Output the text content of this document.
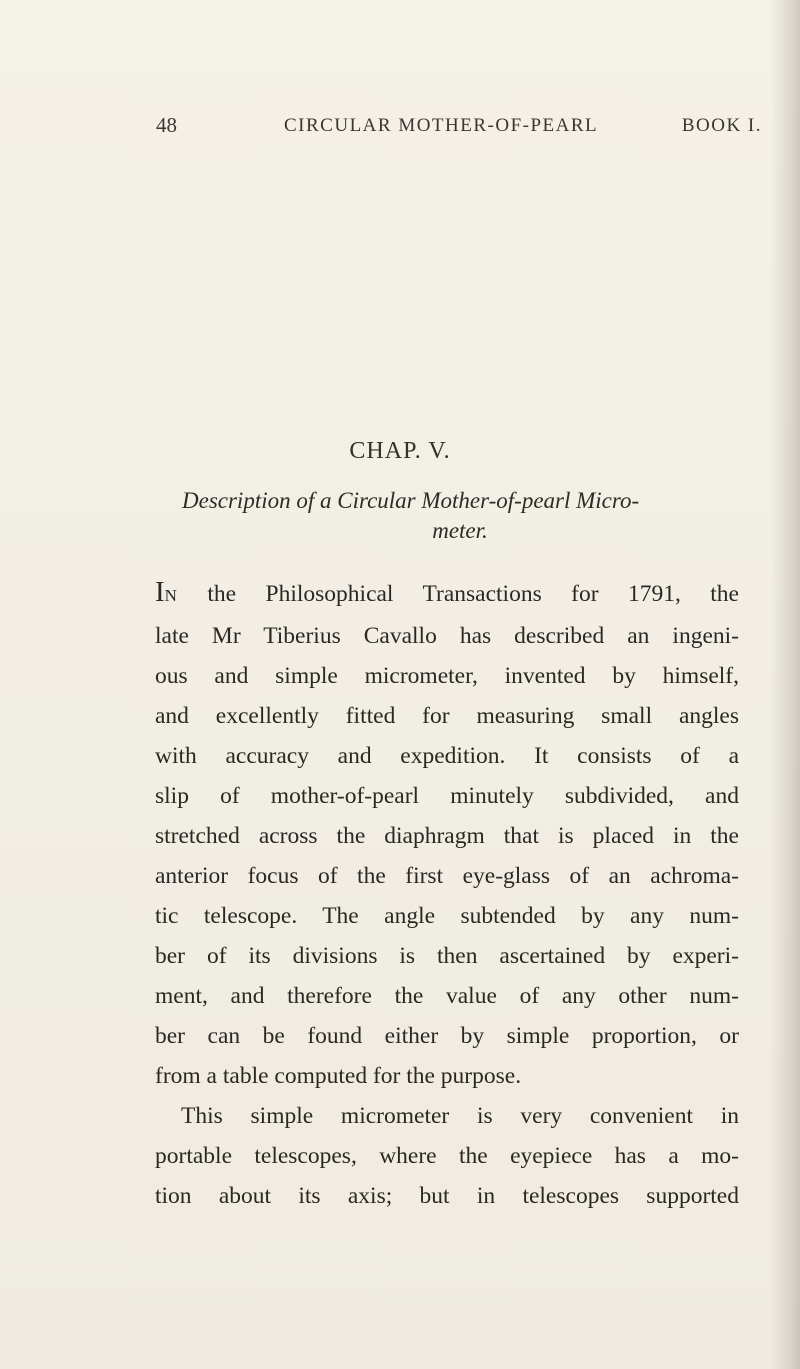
48	CIRCULAR MOTHER-OF-PEARL	BOOK I.
CHAP. V.
Description of a Circular Mother-of-pearl Micro-
meter.
IN the Philosophical Transactions for 1791, the
late Mr Tiberius Cavallo has described an ingeni-
ous and simple micrometer, invented by himself,
and excellently fitted for measuring small angles
with accuracy and expedition. It consists of a
slip of mother-of-pearl minutely subdivided, and
stretched across the diaphragm that is placed in the
anterior focus of the first eye-glass of an achroma-
tic telescope. The angle subtended by any num-
ber of its divisions is then ascertained by experi-
ment, and therefore the value of any other num-
ber can be found either by simple proportion, or
from a table computed for the purpose.
This simple micrometer is very convenient in
portable telescopes, where the eyepiece has a mo-
tion about its axis; but in telescopes supported
